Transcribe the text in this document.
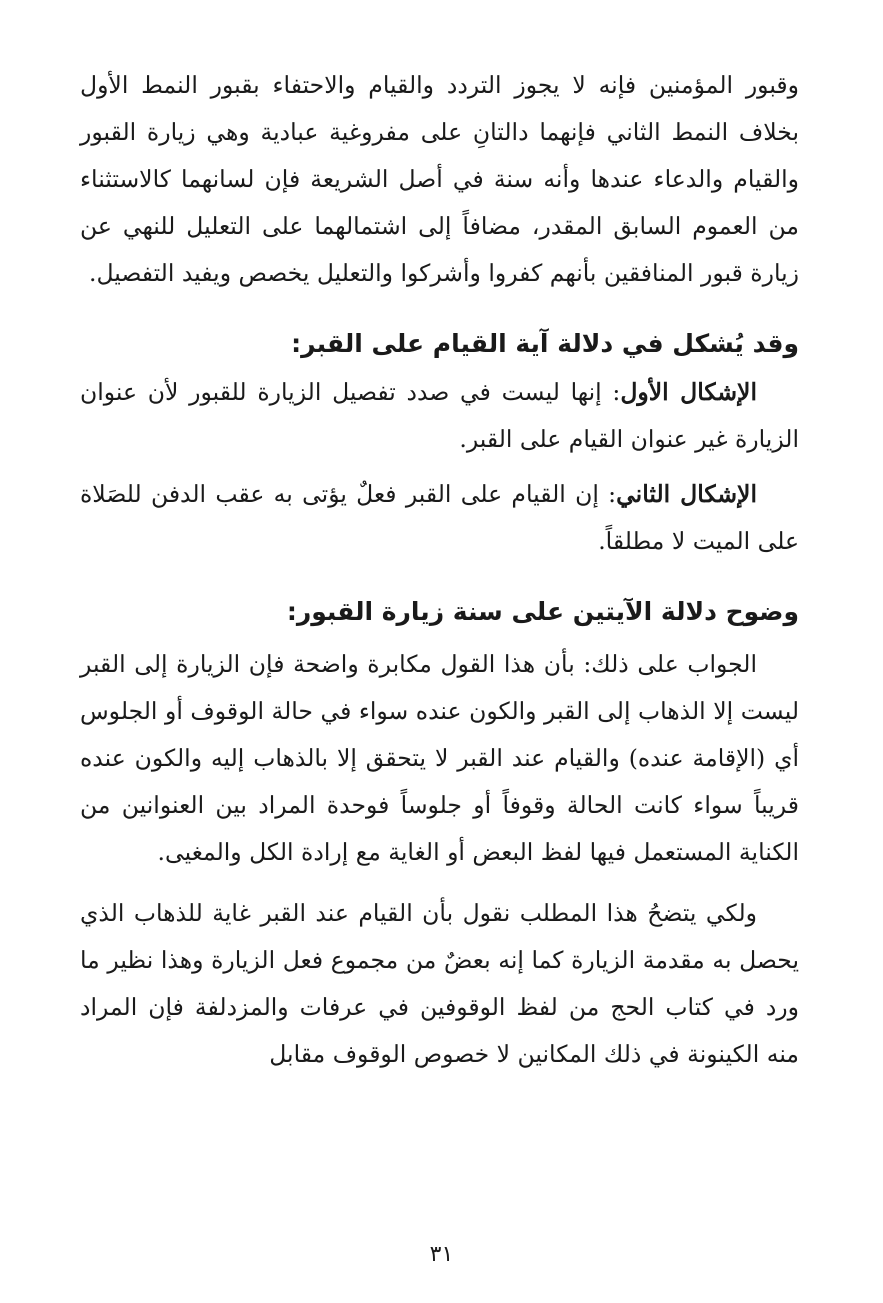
وقبور المؤمنين فإنه لا يجوز التردد والقيام والاحتفاء بقبور النمط الأول بخلاف النمط الثاني فإنهما دالتانِ على مفروغية عبادية وهي زيارة القبور والقيام والدعاء عندها وأنه سنة في أصل الشريعة فإن لسانهما كالاستثناء من العموم السابق المقدر، مضافاً إلى اشتمالهما على التعليل للنهي عن زيارة قبور المنافقين بأنهم كفروا وأشركوا والتعليل يخصص ويفيد التفصيل.

وقد يُشكل في دلالة آية القيام على القبر:

الإشكال الأول: إنها ليست في صدد تفصيل الزيارة للقبور لأن عنوان الزيارة غير عنوان القيام على القبر.

الإشكال الثاني: إن القيام على القبر فعلٌ يؤتى به عقب الدفن للصَلاة على الميت لا مطلقاً.

وضوح دلالة الآيتين على سنة زيارة القبور:

الجواب على ذلك: بأن هذا القول مكابرة واضحة فإن الزيارة إلى القبر ليست إلا الذهاب إلى القبر والكون عنده سواء في حالة الوقوف أو الجلوس أي (الإقامة عنده) والقيام عند القبر لا يتحقق إلا بالذهاب إليه والكون عنده قريباً سواء كانت الحالة وقوفاً أو جلوساً فوحدة المراد بين العنوانين من الكناية المستعمل فيها لفظ البعض أو الغاية مع إرادة الكل والمغيى.

ولكي يتضحُ هذا المطلب نقول بأن القيام عند القبر غاية للذهاب الذي يحصل به مقدمة الزيارة كما إنه بعضٌ من مجموع فعل الزيارة وهذا نظير ما ورد في كتاب الحج من لفظ الوقوفين في عرفات والمزدلفة فإن المراد منه الكينونة في ذلك المكانين لا خصوص الوقوف مقابل

٣١
